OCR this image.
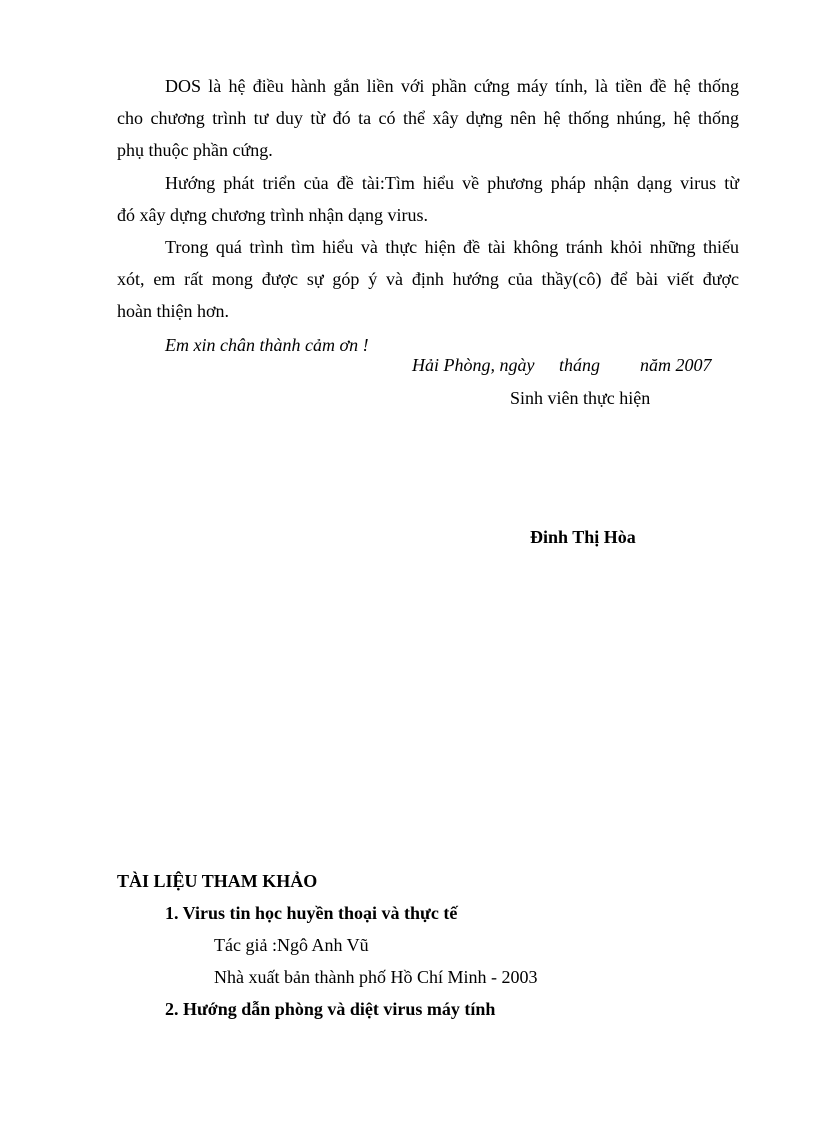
DOS là hệ điều hành gắn liền với phần cứng máy tính, là tiền đề hệ thống
cho chương trình tư duy từ đó ta có thể xây dựng nên hệ thống nhúng, hệ thống
phụ thuộc phần cứng.
Hướng phát triển của đề tài:Tìm hiểu về phương pháp nhận dạng virus từ
đó xây dựng chương trình nhận dạng virus.
Trong quá trình tìm hiểu và thực hiện đề tài không tránh khỏi những thiếu
xót, em rất mong được sự góp ý và định hướng của thầy(cô) để bài viết được
hoàn thiện hơn.
Em xin chân thành cảm ơn !
Hải Phòng, ngày tháng năm 2007
Sinh viên thực hiện
Đinh Thị Hòa
TÀI LIỆU THAM KHẢO
1. Virus tin học huyền thoại và thực tế
Tác giả :Ngô Anh Vũ
Nhà xuất bản thành phố Hồ Chí Minh - 2003
2. Hướng dẫn phòng và diệt virus máy tính
